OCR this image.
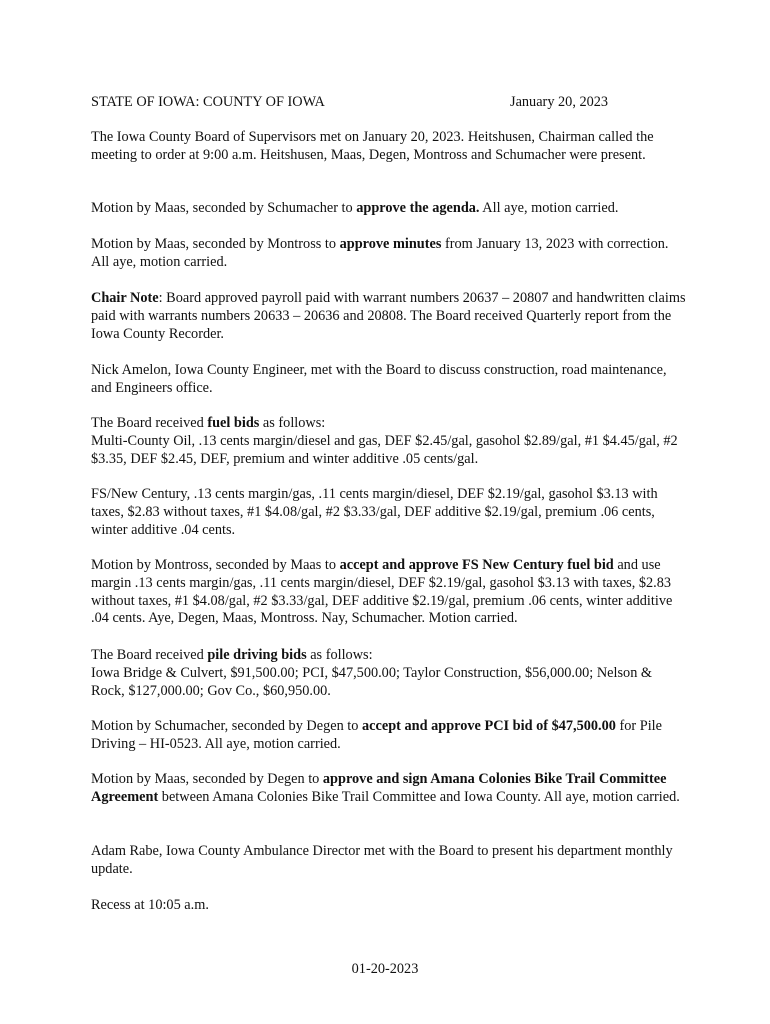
STATE OF IOWA: COUNTY OF IOWA	January 20, 2023

The Iowa County Board of Supervisors met on January 20, 2023. Heitshusen, Chairman called the meeting to order at 9:00 a.m. Heitshusen, Maas, Degen, Montross and Schumacher were present.

Motion by Maas, seconded by Schumacher to approve the agenda. All aye, motion carried.

Motion by Maas, seconded by Montross to approve minutes from January 13, 2023 with correction. All aye, motion carried.

Chair Note: Board approved payroll paid with warrant numbers 20637 – 20807 and handwritten claims paid with warrants numbers 20633 – 20636 and 20808. The Board received Quarterly report from the Iowa County Recorder.

Nick Amelon, Iowa County Engineer, met with the Board to discuss construction, road maintenance, and Engineers office.

The Board received fuel bids as follows:
Multi-County Oil, .13 cents margin/diesel and gas, DEF $2.45/gal, gasohol $2.89/gal, #1 $4.45/gal, #2 $3.35, DEF $2.45, DEF, premium and winter additive .05 cents/gal.

FS/New Century, .13 cents margin/gas, .11 cents margin/diesel, DEF $2.19/gal, gasohol $3.13 with taxes, $2.83 without taxes, #1 $4.08/gal, #2 $3.33/gal, DEF additive $2.19/gal, premium .06 cents, winter additive .04 cents.

Motion by Montross, seconded by Maas to accept and approve FS New Century fuel bid and use margin .13 cents margin/gas, .11 cents margin/diesel, DEF $2.19/gal, gasohol $3.13 with taxes, $2.83 without taxes, #1 $4.08/gal, #2 $3.33/gal, DEF additive $2.19/gal, premium .06 cents, winter additive .04 cents. Aye, Degen, Maas, Montross. Nay, Schumacher. Motion carried.

The Board received pile driving bids as follows:
Iowa Bridge & Culvert, $91,500.00; PCI, $47,500.00; Taylor Construction, $56,000.00; Nelson & Rock, $127,000.00; Gov Co., $60,950.00.

Motion by Schumacher, seconded by Degen to accept and approve PCI bid of $47,500.00 for Pile Driving – HI-0523. All aye, motion carried.

Motion by Maas, seconded by Degen to approve and sign Amana Colonies Bike Trail Committee Agreement between Amana Colonies Bike Trail Committee and Iowa County. All aye, motion carried.

Adam Rabe, Iowa County Ambulance Director met with the Board to present his department monthly update.

Recess at 10:05 a.m.

01-20-2023
